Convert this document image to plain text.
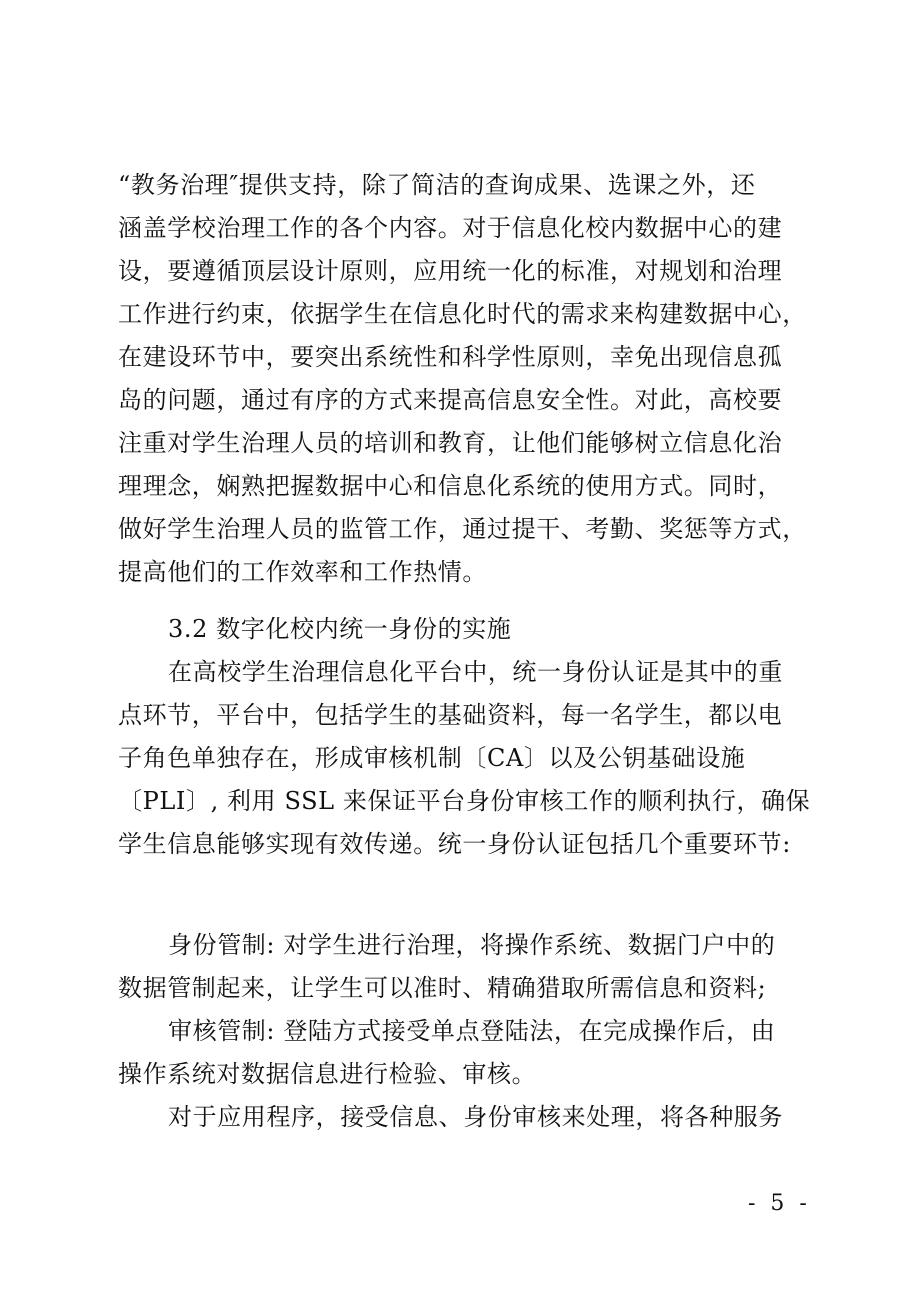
“教务治理″提供支持，除了简洁的查询成果、选课之外，还
涵盖学校治理工作的各个内容。对于信息化校内数据中心的建
设，要遵循顶层设计原则，应用统一化的标准，对规划和治理
工作进行约束，依据学生在信息化时代的需求来构建数据中心，
在建设环节中，要突出系统性和科学性原则，幸免出现信息孤
岛的问题，通过有序的方式来提高信息安全性。对此，高校要
注重对学生治理人员的培训和教育，让他们能够树立信息化治
理理念，娴熟把握数据中心和信息化系统的使用方式。同时，
做好学生治理人员的监管工作，通过提干、考勤、奖惩等方式，
提高他们的工作效率和工作热情。
3.2 数字化校内统一身份的实施
在高校学生治理信息化平台中，统一身份认证是其中的重
点环节，平台中，包括学生的基础资料，每一名学生，都以电
子角色单独存在，形成审核机制〔CA〕以及公钥基础设施
〔PLI〕, 利用 SSL 来保证平台身份审核工作的顺利执行，确保
学生信息能够实现有效传递。统一身份认证包括几个重要环节:
身份管制: 对学生进行治理，将操作系统、数据门户中的
数据管制起来，让学生可以准时、精确猎取所需信息和资料;
审核管制: 登陆方式接受单点登陆法，在完成操作后，由
操作系统对数据信息进行检验、审核。
对于应用程序，接受信息、身份审核来处理，将各种服务
- 5 -
